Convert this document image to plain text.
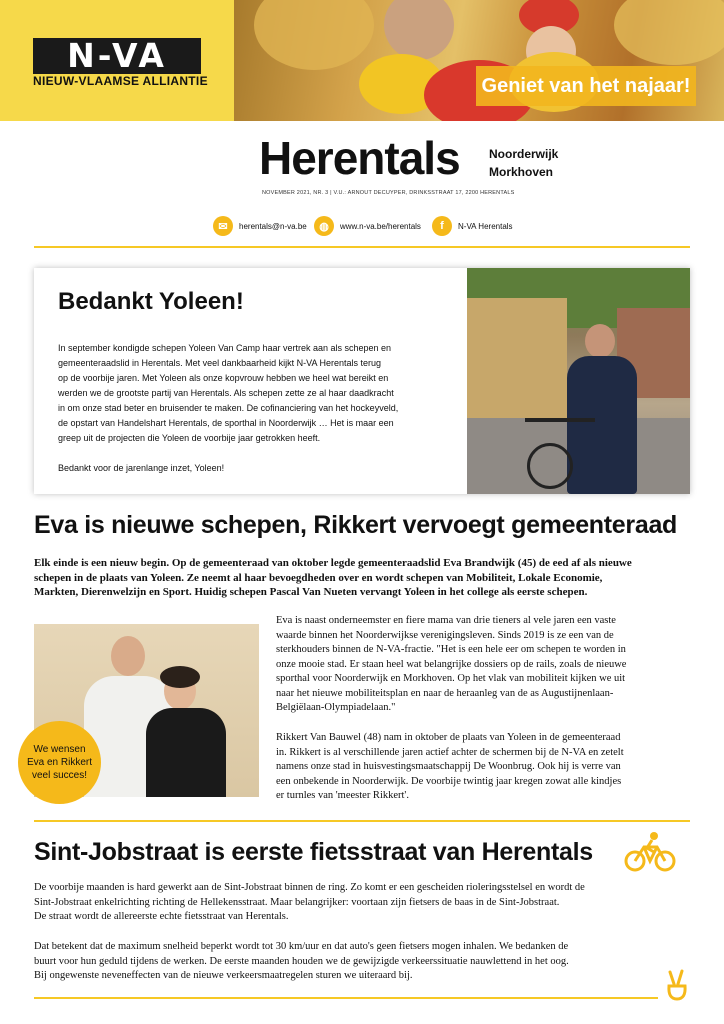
N-VA
NIEUW-VLAAMSE ALLIANTIE	Geniet van het najaar!
Herentals Noorderwijk
Morkhoven
NOVEMBER 2021, NR. 3 | V.U.: ARNOUT DECUYPER, DRINKSSTRAAT 17, 2200 HERENTALS
✉	herentals@n-va.be	◍	www.n-va.be/herentals	f	N-VA Herentals
Bedankt Yoleen!
In september kondigde schepen Yoleen Van Camp haar vertrek aan als schepen en
gemeenteraadslid in Herentals. Met veel dankbaarheid kijkt N-VA Herentals terug
op de voorbije jaren. Met Yoleen als onze kopvrouw hebben we heel wat bereikt en
werden we de grootste partij van Herentals. Als schepen zette ze al haar daadkracht
in om onze stad beter en bruisender te maken. De cofinanciering van het hockeyveld,
de opstart van Handelshart Herentals, de sporthal in Noorderwijk … Het is maar een
greep uit de projecten die Yoleen de voorbije jaar getrokken heeft.
Bedankt voor de jarenlange inzet, Yoleen!
Eva is nieuwe schepen, Rikkert vervoegt gemeenteraad
Elk einde is een nieuw begin. Op de gemeenteraad van oktober legde gemeenteraadslid Eva Brandwijk (45) de eed af als nieuwe
schepen in de plaats van Yoleen. Ze neemt al haar bevoegdheden over en wordt schepen van Mobiliteit, Lokale Economie,
Markten, Dierenwelzijn en Sport. Huidig schepen Pascal Van Nueten vervangt Yoleen in het college als eerste schepen.
We wensen
Eva en Rikkert
veel succes!
Eva is naast onderneemster en fiere mama van drie tieners al vele jaren een vaste
waarde binnen het Noorderwijkse verenigingsleven. Sinds 2019 is ze een van de
sterkhouders binnen de N-VA-fractie. "Het is een hele eer om schepen te worden in
onze mooie stad. Er staan heel wat belangrijke dossiers op de rails, zoals de nieuwe
sporthal voor Noorderwijk en Morkhoven. Op het vlak van mobiliteit kijken we uit
naar het nieuwe mobiliteitsplan en naar de heraanleg van de as Augustijnenlaan-
Belgiëlaan-Olympiadelaan."
Rikkert Van Bauwel (48) nam in oktober de plaats van Yoleen in de gemeenteraad
in. Rikkert is al verschillende jaren actief achter de schermen bij de N-VA en zetelt
namens onze stad in huisvestingsmaatschappij De Woonbrug. Ook hij is verre van
een onbekende in Noorderwijk. De voorbije twintig jaar kregen zowat alle kindjes
er turnles van 'meester Rikkert'.
Sint-Jobstraat is eerste fietsstraat van Herentals
De voorbije maanden is hard gewerkt aan de Sint-Jobstraat binnen de ring. Zo komt er een gescheiden rioleringsstelsel en wordt de
Sint-Jobstraat enkelrichting richting de Hellekensstraat. Maar belangrijker: voortaan zijn fietsers de baas in de Sint-Jobstraat.
De straat wordt de allereerste echte fietsstraat van Herentals.
Dat betekent dat de maximum snelheid beperkt wordt tot 30 km/uur en dat auto's geen fietsers mogen inhalen. We bedanken de
buurt voor hun geduld tijdens de werken. De eerste maanden houden we de gewijzigde verkeerssituatie nauwlettend in het oog.
Bij ongewenste neveneffecten van de nieuwe verkeersmaatregelen sturen we uiteraard bij.
